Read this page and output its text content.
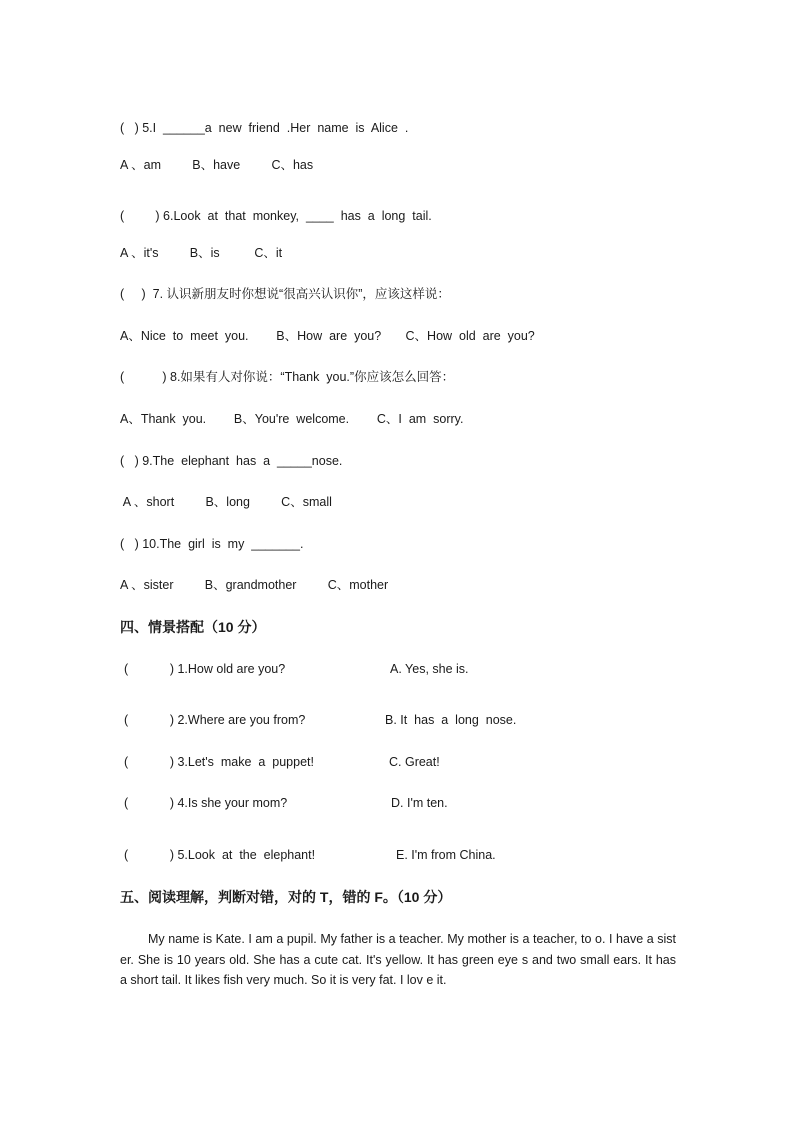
(   ) 5.I  ______a  new  friend  .Her  name  is  Alice  .
A 、am         B、have         C、has
(         ) 6.Look  at  that  monkey,  ____  has  a  long  tail.
A 、it's         B、is          C、it
(     )  7. 认识新朋友时你想说“很高兴认识你”，应该这样说：
A、Nice  to  meet  you.        B、How  are  you?       C、How  old  are  you?
(           ) 8.如果有人对你说：“Thank  you.”你应该怎么回答：
A、Thank  you.        B、You're  welcome.        C、I  am  sorry.
(   ) 9.The  elephant  has  a  _____nose.
A 、short         B、long         C、small
(   ) 10.The  girl  is  my  _______.
A 、sister         B、grandmother         C、mother
四、情景搭配（10 分）
(            ) 1.How old are you?	A. Yes, she is.
(            ) 2.Where are you from?	B. It  has  a  long  nose.
(            ) 3.Let's  make  a  puppet!	C. Great!
(            ) 4.Is she your mom?	D. I'm ten.
(            ) 5.Look  at  the  elephant!	E. I'm from China.
五、阅读理解，判断对错，对的 T，错的 F。（10 分）
My name is Kate. I am a pupil. My father is a teacher. My mother is a teacher, to o. I have a sister. She is 10 years old. She has a cute cat. It's yellow. It has green eye s and two small ears. It has a short tail. It likes fish very much. So it is very fat. I lov e it.
